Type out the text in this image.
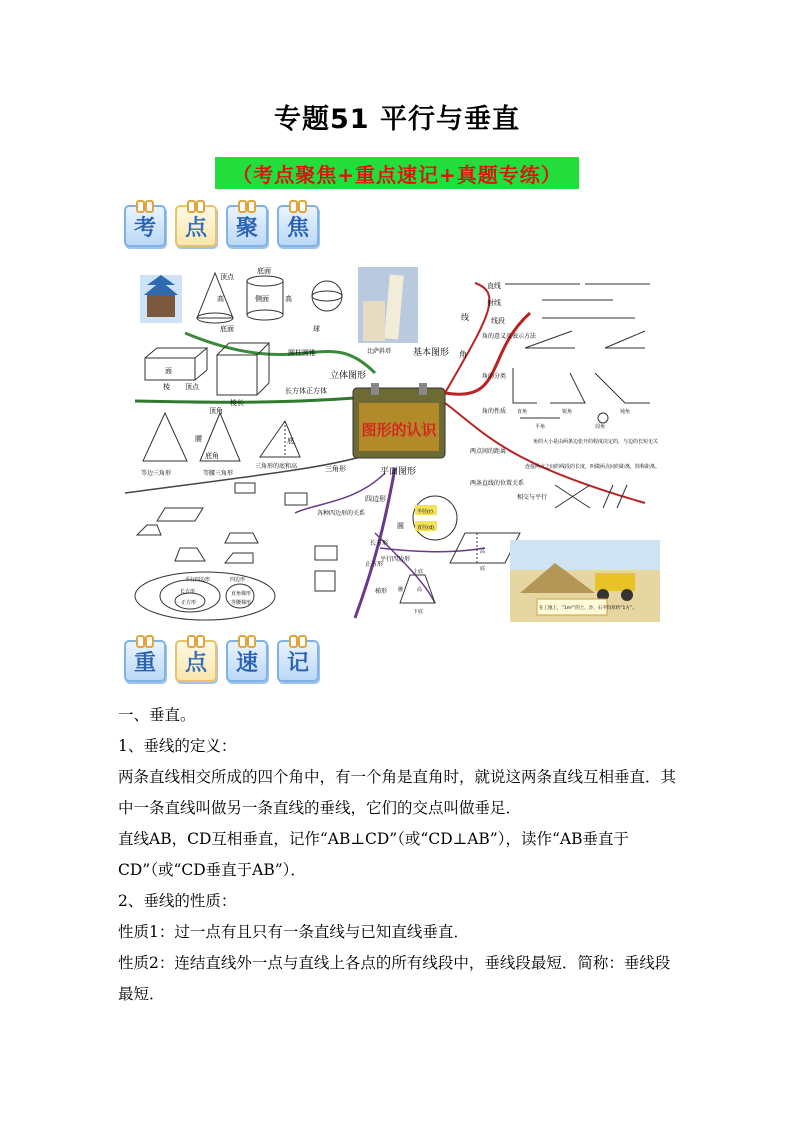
专题51 平行与垂直
（考点聚焦+重点速记+真题专练）
考 点 聚 焦
顶点
高
底面
底面
侧面 高
球
比萨斜塔
圆柱圆锥
长方体正方体
立体图形
基本图形
面
棱 顶点
棱长
等边三角形
顶角
腰
底角
等腰三角形
底
三角形的底和高	三角形
图形的认识
平面图形
线
直线
射线
线段
角
角的意义及表示方法
角的分类
直角	锐角	钝角
角的性质
平角	周角
角的大小是由两条边张开的程度决定的，与边的长短无关
两点间的距离
连接两点之间的线段的长度，叫做两点间的距离，简称距离。
两条直线的位置关系
相交与平行
四边形
各种四边形的关系
圆
半径(r)
直径(d)
平行四边形	四边形
长方形
正方形
直角梯形
等腰梯形
长方形
正方形
平行四边形
高
底
梯形
上底
高
腰
下底
在工地上，“1m²”的土，沙，石平均厚约“1方”。
重 点 速 记

一、垂直。

1、垂线的定义：

两条直线相交所成的四个角中，有一个角是直角时，就说这两条直线互相垂直．其中一条直线叫做另一条直线的垂线，它们的交点叫做垂足．

直线AB，CD互相垂直，记作“AB⊥CD”（或“CD⊥AB”），读作“AB垂直于CD”（或“CD垂直于AB”）．

2、垂线的性质：

性质1：过一点有且只有一条直线与已知直线垂直．

性质2：连结直线外一点与直线上各点的所有线段中，垂线段最短．简称：垂线段最短．
